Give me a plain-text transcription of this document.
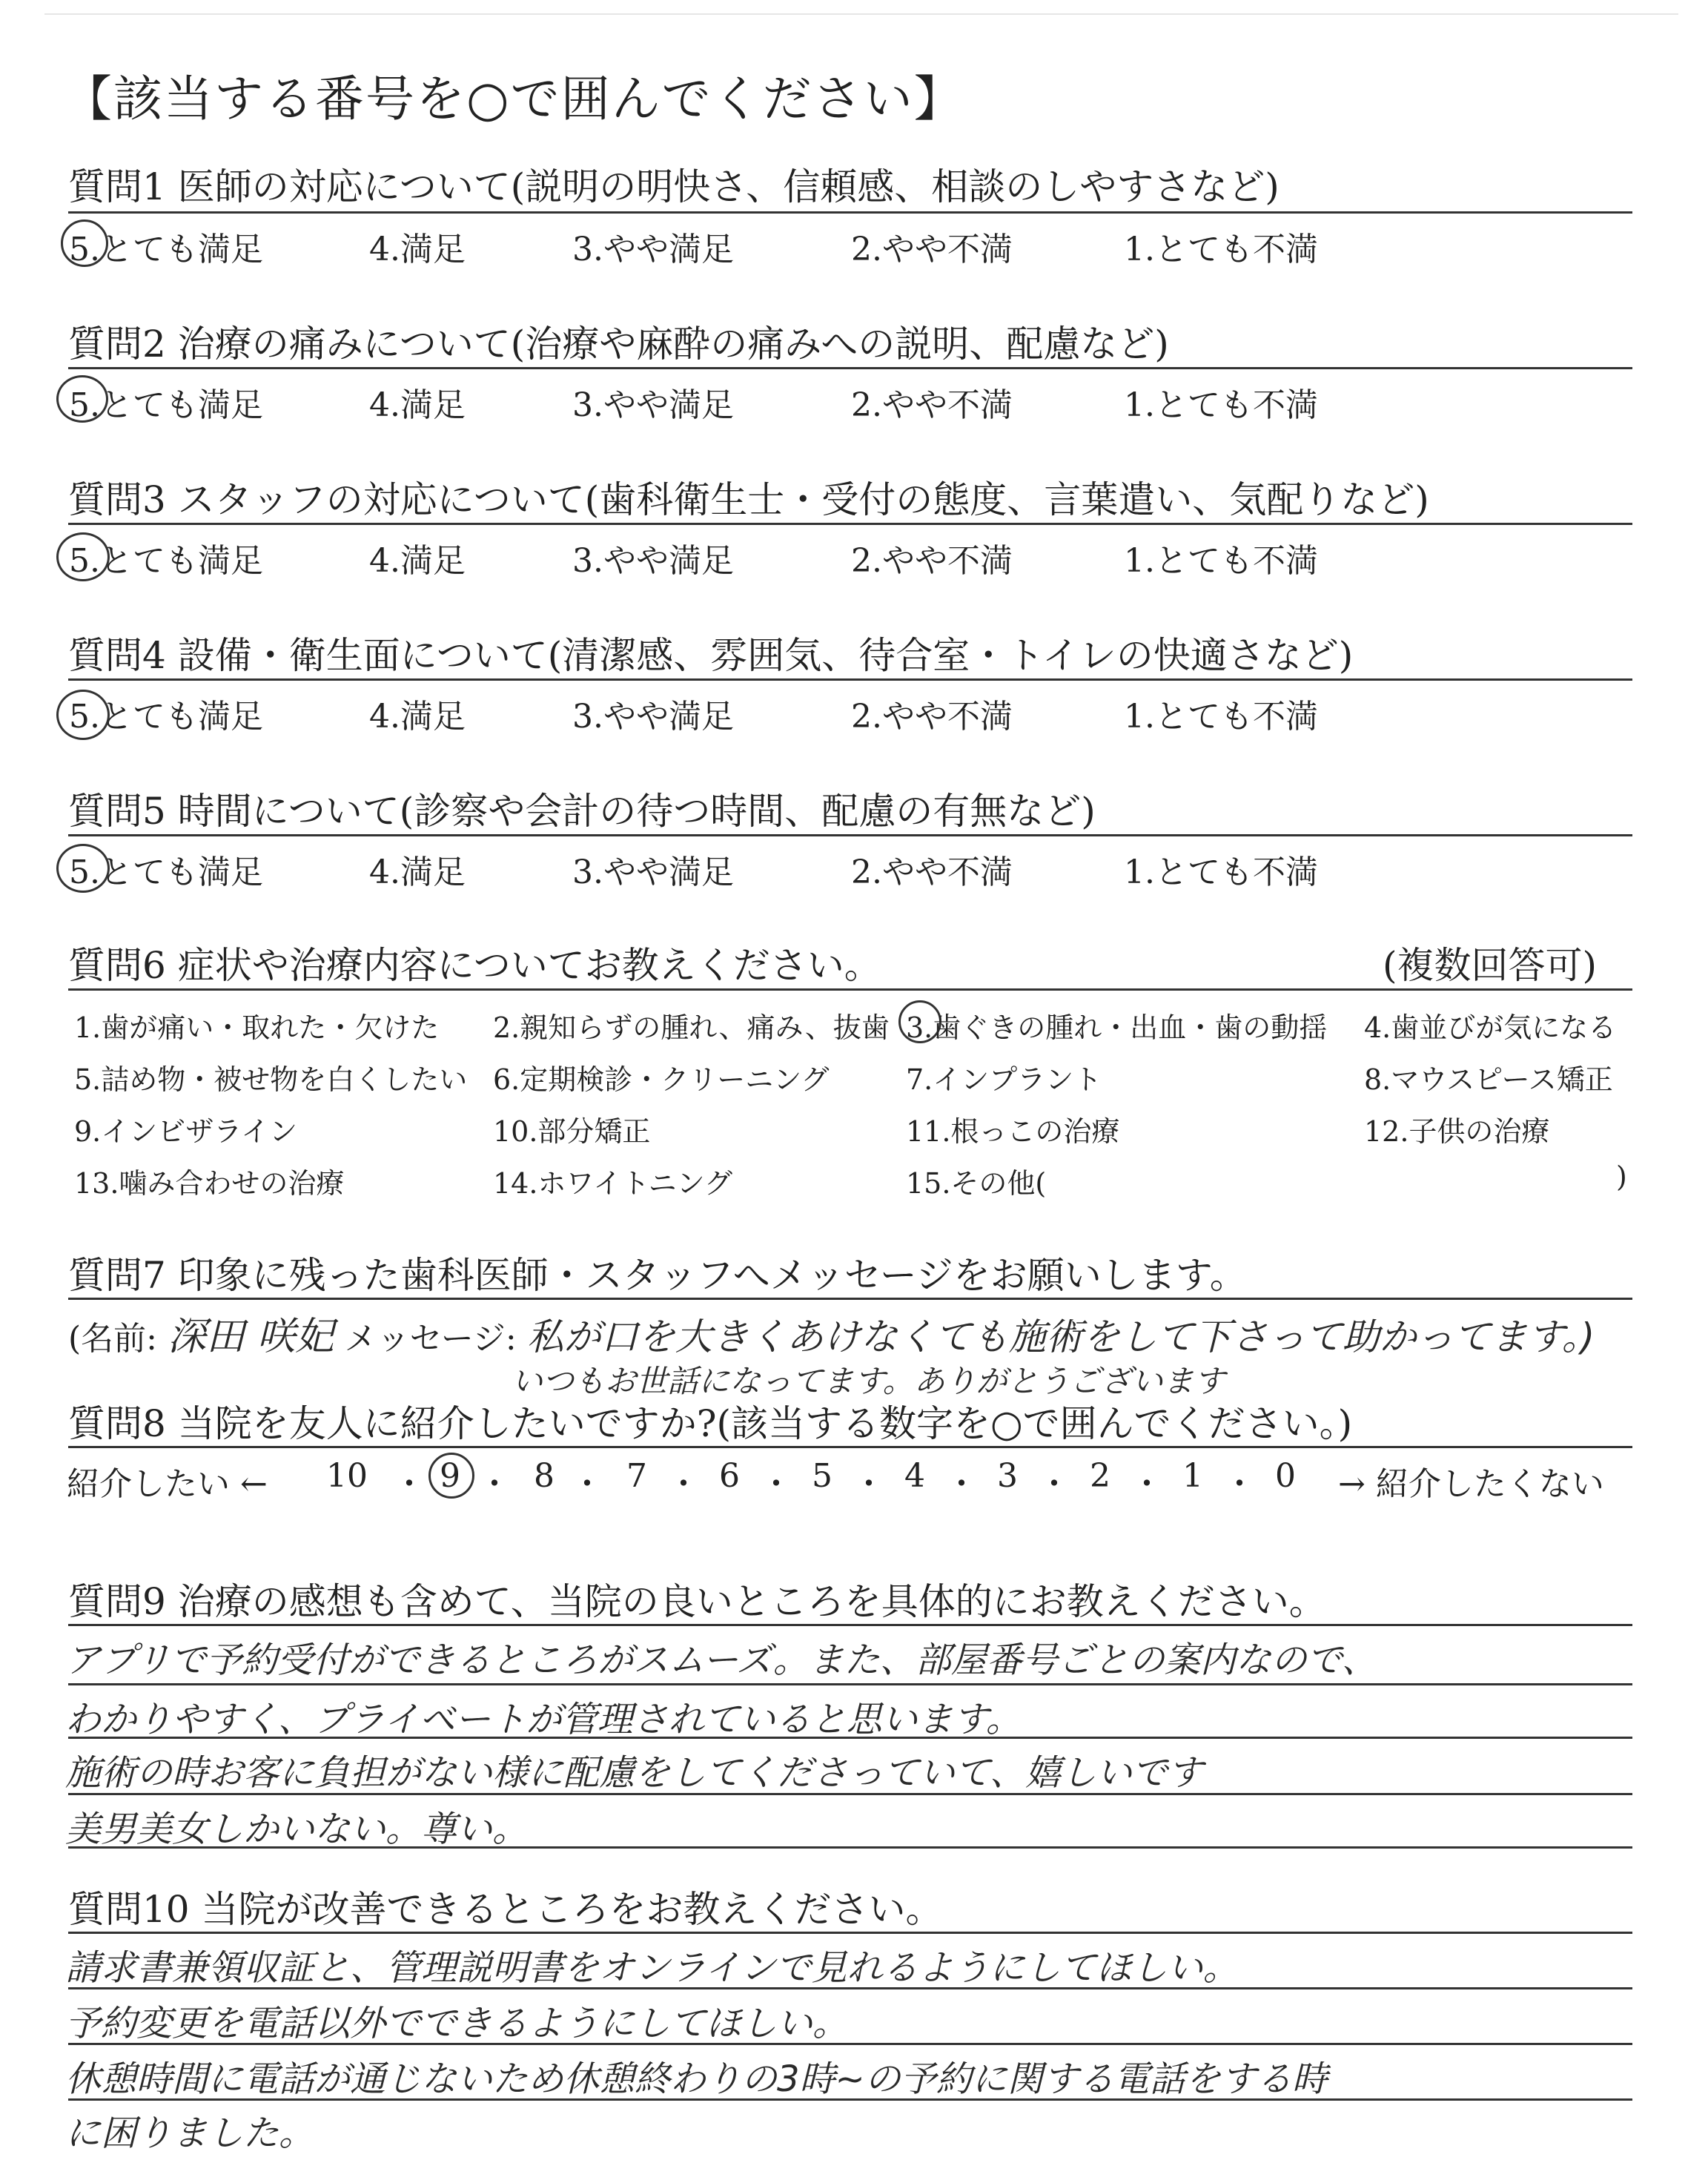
【該当する番号を○で囲んでください】
質問1 医師の対応について(説明の明快さ、信頼感、相談のしやすさなど)
5.とても満足	4.満足	3.やや満足	2.やや不満	1.とても不満
質問2 治療の痛みについて(治療や麻酔の痛みへの説明、配慮など)
5.とても満足	4.満足	3.やや満足	2.やや不満	1.とても不満
質問3 スタッフの対応について(歯科衛生士・受付の態度、言葉遣い、気配りなど)
5.とても満足	4.満足	3.やや満足	2.やや不満	1.とても不満
質問4 設備・衛生面について(清潔感、雰囲気、待合室・トイレの快適さなど)
5.とても満足	4.満足	3.やや満足	2.やや不満	1.とても不満
質問5 時間について(診察や会計の待つ時間、配慮の有無など)
5.とても満足	4.満足	3.やや満足	2.やや不満	1.とても不満
質問6 症状や治療内容についてお教えください。	(複数回答可)
1.歯が痛い・取れた・欠けた 2.親知らずの腫れ、痛み、抜歯 3.歯ぐきの腫れ・出血・歯の動揺 4.歯並びが気になる
5.詰め物・被せ物を白くしたい 6.定期検診・クリーニング	7.インプラント	8.マウスピース矯正
9.インビザライン	10.部分矯正	11.根っこの治療	12.子供の治療
13.噛み合わせの治療	14.ホワイトニング	15.その他(	)
質問7 印象に残った歯科医師・スタッフへメッセージをお願いします。
(名前: 深田 咲妃 メッセージ: 私が口を大きくあけなくても施術をして下さって助かってます。)
いつもお世話になってます。ありがとうございます
質問8 当院を友人に紹介したいですか?(該当する数字を○で囲んでください。)
紹介したい ← 10 ・ 9 ・ 8 ・ 7 ・ 6 ・ 5 ・ 4 ・ 3 ・ 2 ・ 1 ・ 0 → 紹介したくない
質問9 治療の感想も含めて、当院の良いところを具体的にお教えください。
アプリで予約受付ができるところがスムーズ。また、部屋番号ごとの案内なので、
わかりやすく、プライベートが管理されていると思います。
施術の時お客に負担がない様に配慮をしてくださっていて、嬉しいです
美男美女しかいない。尊い。
質問10 当院が改善できるところをお教えください。
請求書兼領収証と、管理説明書をオンラインで見れるようにしてほしい。
予約変更を電話以外でできるようにしてほしい。
休憩時間に電話が通じないため休憩終わりの3時~の予約に関する電話をする時
に困りました。
